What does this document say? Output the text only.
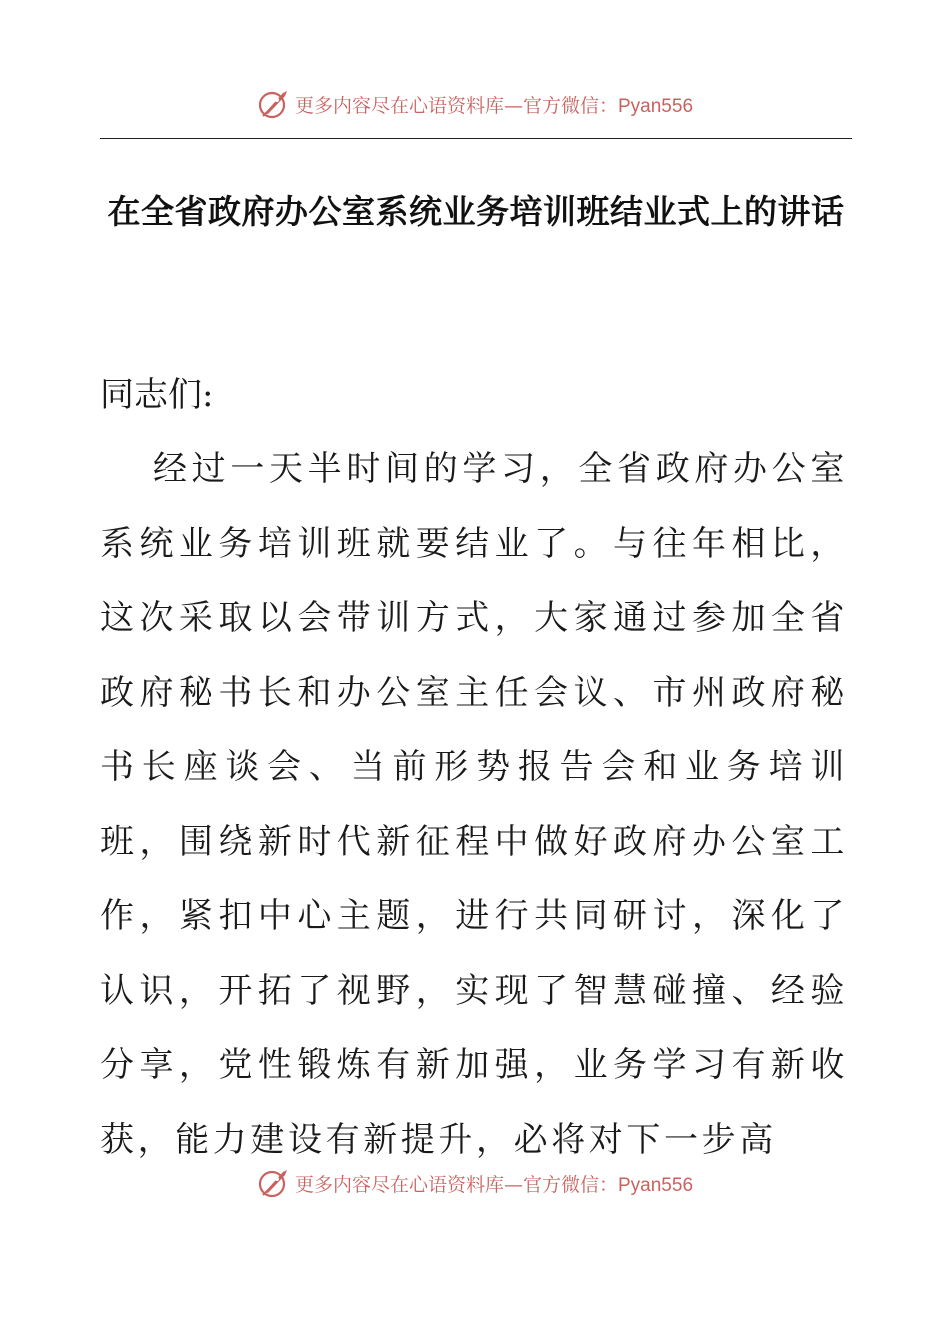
更多内容尽在心语资料库—官方微信：Pyan556
在全省政府办公室系统业务培训班结业式上的讲话

同志们:

经过一天半时间的学习，全省政府办公室系统业务培训班就要结业了。与往年相比，这次采取以会带训方式，大家通过参加全省政府秘书长和办公室主任会议、市州政府秘书长座谈会、当前形势报告会和业务培训班，围绕新时代新征程中做好政府办公室工作，紧扣中心主题，进行共同研讨，深化了认识，开拓了视野，实现了智慧碰撞、经验分享，党性锻炼有新加强，业务学习有新收获，能力建设有新提升，必将对下一步高

更多内容尽在心语资料库—官方微信：Pyan556
